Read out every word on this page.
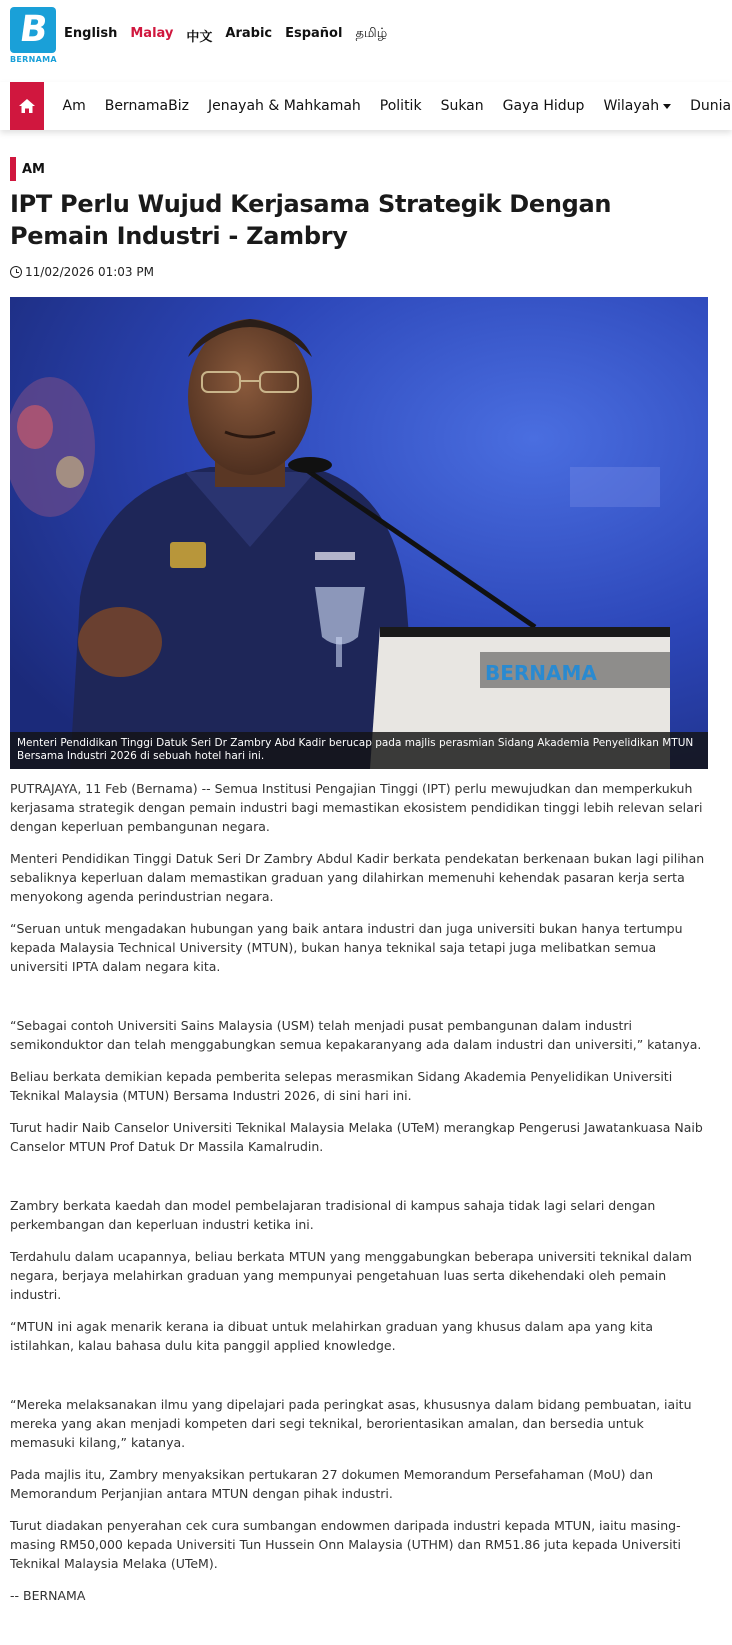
B
BERNAMA
English Malay 中文 Arabic Español தமிழ்
Am	BernamaBiz	Jenayah & Mahkamah	Politik	Sukan	Gaya Hidup	Wilayah	Dunia
AM
IPT Perlu Wujud Kerjasama Strategik Dengan Pemain Industri - Zambry
11/02/2026 01:03 PM
BERNAMA
Menteri Pendidikan Tinggi Datuk Seri Dr Zambry Abd Kadir berucap pada majlis perasmian Sidang Akademia Penyelidikan MTUN Bersama Industri 2026 di sebuah hotel hari ini.

PUTRAJAYA, 11 Feb (Bernama) -- Semua Institusi Pengajian Tinggi (IPT) perlu mewujudkan dan memperkukuh kerjasama strategik dengan pemain industri bagi memastikan ekosistem pendidikan tinggi lebih relevan selari dengan keperluan pembangunan negara.

Menteri Pendidikan Tinggi Datuk Seri Dr Zambry Abdul Kadir berkata pendekatan berkenaan bukan lagi pilihan sebaliknya keperluan dalam memastikan graduan yang dilahirkan memenuhi kehendak pasaran kerja serta menyokong agenda perindustrian negara.

“Seruan untuk mengadakan hubungan yang baik antara industri dan juga universiti bukan hanya tertumpu kepada Malaysia Technical University (MTUN), bukan hanya teknikal saja tetapi juga melibatkan semua universiti IPTA dalam negara kita.

“Sebagai contoh Universiti Sains Malaysia (USM) telah menjadi pusat pembangunan dalam industri semikonduktor dan telah menggabungkan semua kepakaranyang ada dalam industri dan universiti,” katanya.

Beliau berkata demikian kepada pemberita selepas merasmikan Sidang Akademia Penyelidikan Universiti Teknikal Malaysia (MTUN) Bersama Industri 2026, di sini hari ini.

Turut hadir Naib Canselor Universiti Teknikal Malaysia Melaka (UTeM) merangkap Pengerusi Jawatankuasa Naib Canselor MTUN Prof Datuk Dr Massila Kamalrudin.

Zambry berkata kaedah dan model pembelajaran tradisional di kampus sahaja tidak lagi selari dengan perkembangan dan keperluan industri ketika ini.

Terdahulu dalam ucapannya, beliau berkata MTUN yang menggabungkan beberapa universiti teknikal dalam negara, berjaya melahirkan graduan yang mempunyai pengetahuan luas serta dikehendaki oleh pemain industri.

“MTUN ini agak menarik kerana ia dibuat untuk melahirkan graduan yang khusus dalam apa yang kita istilahkan, kalau bahasa dulu kita panggil applied knowledge.

“Mereka melaksanakan ilmu yang dipelajari pada peringkat asas, khususnya dalam bidang pembuatan, iaitu mereka yang akan menjadi kompeten dari segi teknikal, berorientasikan amalan, dan bersedia untuk memasuki kilang,” katanya.

Pada majlis itu, Zambry menyaksikan pertukaran 27 dokumen Memorandum Persefahaman (MoU) dan Memorandum Perjanjian antara MTUN dengan pihak industri.

Turut diadakan penyerahan cek cura sumbangan endowmen daripada industri kepada MTUN, iaitu masing-masing RM50,000 kepada Universiti Tun Hussein Onn Malaysia (UTHM) dan RM51.86 juta kepada Universiti Teknikal Malaysia Melaka (UTeM).

-- BERNAMA
